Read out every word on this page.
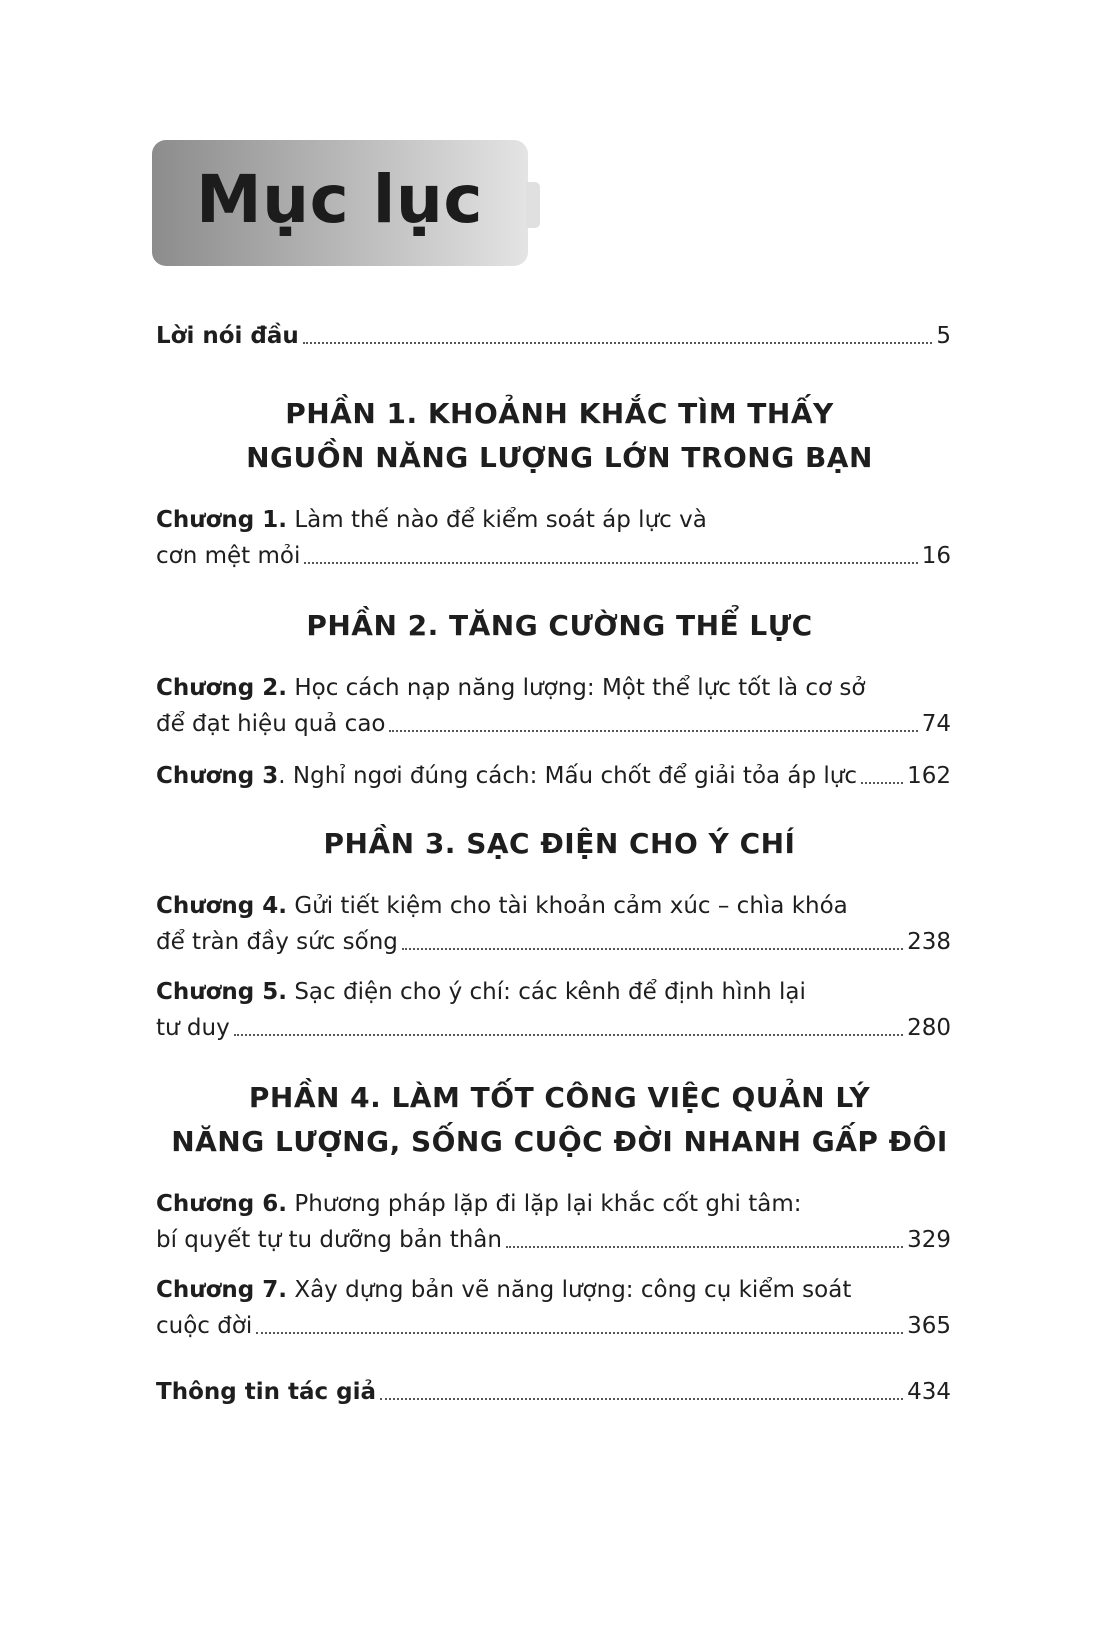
Mục lục
Lời nói đầu	5
PHẦN 1. KHOẢNH KHẮC TÌM THẤY
NGUỒN NĂNG LƯỢNG LỚN TRONG BẠN
Chương 1. Làm thế nào để kiểm soát áp lực và
cơn mệt mỏi	16
PHẦN 2. TĂNG CƯỜNG THỂ LỰC
Chương 2. Học cách nạp năng lượng: Một thể lực tốt là cơ sở
để đạt hiệu quả cao	74
Chương 3 . Nghỉ ngơi đúng cách: Mấu chốt để giải tỏa áp lực 162
PHẦN 3. SẠC ĐIỆN CHO Ý CHÍ
Chương 4. Gửi tiết kiệm cho tài khoản cảm xúc – chìa khóa
để tràn đầy sức sống	238
Chương 5. Sạc điện cho ý chí: các kênh để định hình lại
tư duy	280
PHẦN 4. LÀM TỐT CÔNG VIỆC QUẢN LÝ
NĂNG LƯỢNG, SỐNG CUỘC ĐỜI NHANH GẤP ĐÔI
Chương 6. Phương pháp lặp đi lặp lại khắc cốt ghi tâm:
bí quyết tự tu dưỡng bản thân	329
Chương 7. Xây dựng bản vẽ năng lượng: công cụ kiểm soát
cuộc đời	365
Thông tin tác giả	434
